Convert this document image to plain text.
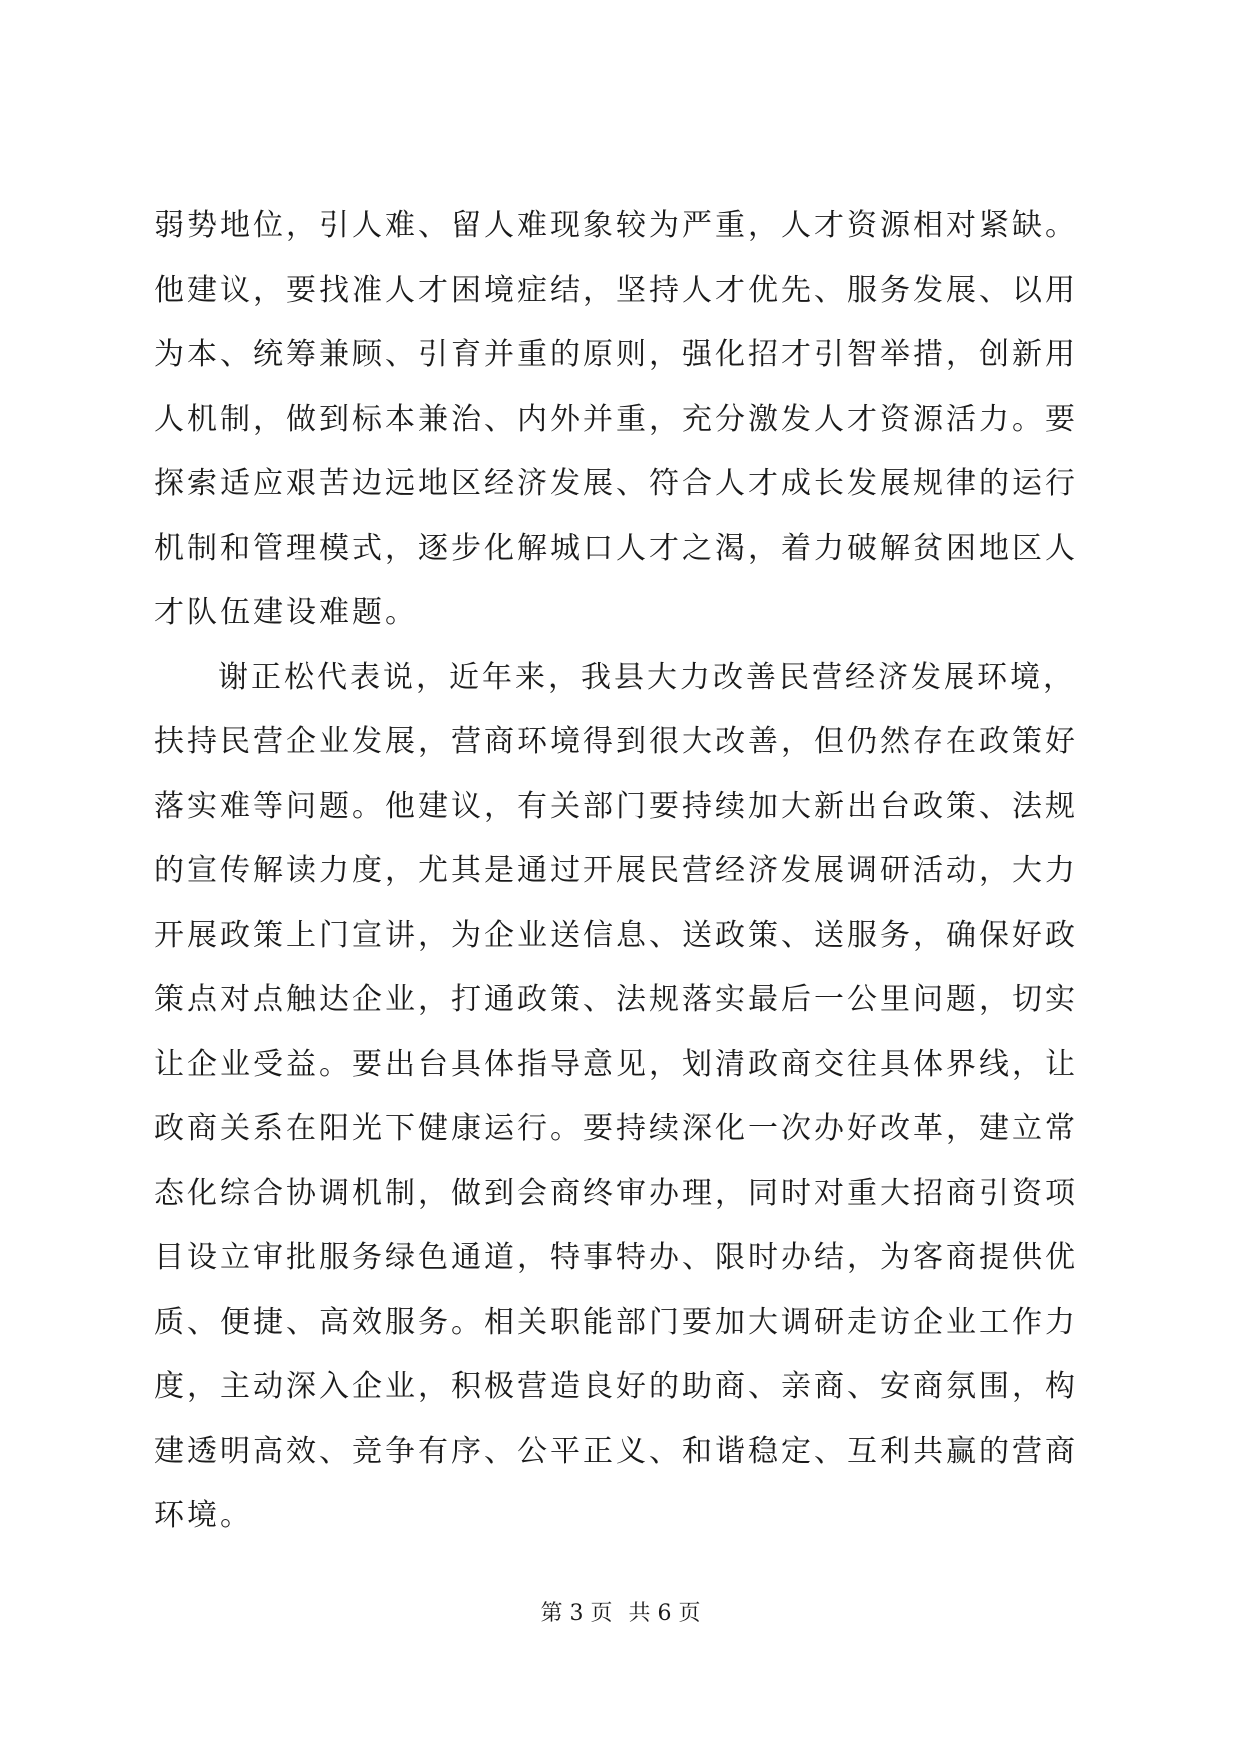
弱势地位，引人难、留人难现象较为严重，人才资源相对紧缺。
他建议，要找准人才困境症结，坚持人才优先、服务发展、以用
为本、统筹兼顾、引育并重的原则，强化招才引智举措，创新用
人机制，做到标本兼治、内外并重，充分激发人才资源活力。要
探索适应艰苦边远地区经济发展、符合人才成长发展规律的运行
机制和管理模式，逐步化解城口人才之渴，着力破解贫困地区人
才队伍建设难题。
谢正松代表说，近年来，我县大力改善民营经济发展环境，
扶持民营企业发展，营商环境得到很大改善，但仍然存在政策好
落实难等问题。他建议，有关部门要持续加大新出台政策、法规
的宣传解读力度，尤其是通过开展民营经济发展调研活动，大力
开展政策上门宣讲，为企业送信息、送政策、送服务，确保好政
策点对点触达企业，打通政策、法规落实最后一公里问题，切实
让企业受益。要出台具体指导意见，划清政商交往具体界线，让
政商关系在阳光下健康运行。要持续深化一次办好改革，建立常
态化综合协调机制，做到会商终审办理，同时对重大招商引资项
目设立审批服务绿色通道，特事特办、限时办结，为客商提供优
质、便捷、高效服务。相关职能部门要加大调研走访企业工作力
度，主动深入企业，积极营造良好的助商、亲商、安商氛围，构
建透明高效、竞争有序、公平正义、和谐稳定、互利共赢的营商
环境。
第 3 页 共 6 页
